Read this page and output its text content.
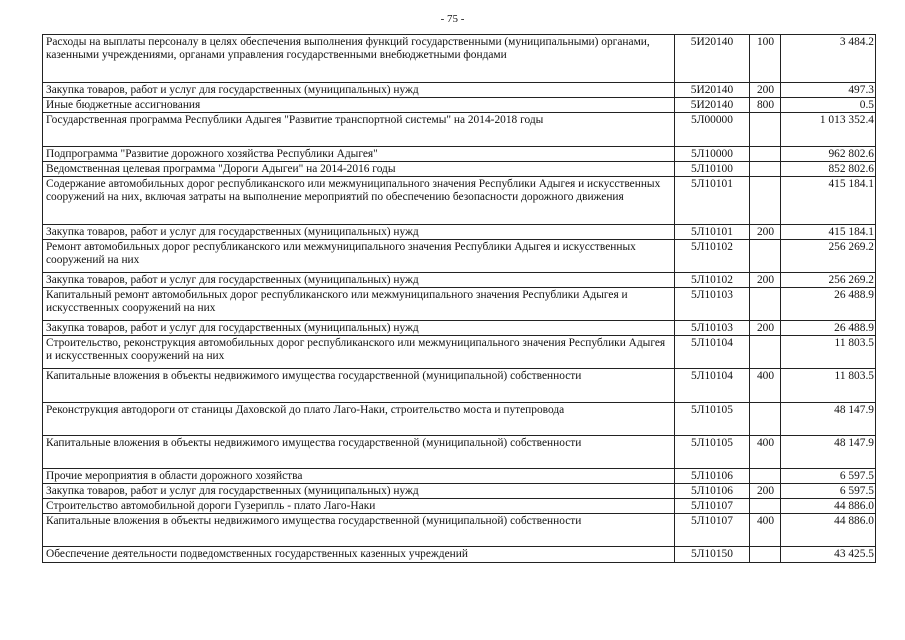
- 75 -
Расходы на выплаты персоналу в целях обеспечения выполнения функций государственными (муниципальными) органами, казенными учреждениями, органами управления государственными внебюджетными фондами	5И20140	100	3 484.2
Закупка товаров, работ и услуг для государственных (муниципальных) нужд	5И20140	200	497.3
Иные бюджетные ассигнования	5И20140	800	0.5
Государственная программа Республики Адыгея "Развитие транспортной системы" на 2014-2018 годы	5Л00000		1 013 352.4
Подпрограмма "Развитие дорожного хозяйства Республики Адыгея"	5Л10000		962 802.6
Ведомственная целевая программа "Дороги Адыгеи" на 2014-2016 годы	5Л10100		852 802.6
Содержание автомобильных дорог республиканского или межмуниципального значения Республики Адыгея и искусственных сооружений на них, включая затраты на выполнение мероприятий по обеспечению безопасности дорожного движения	5Л10101		415 184.1
Закупка товаров, работ и услуг для государственных (муниципальных) нужд	5Л10101	200	415 184.1
Ремонт автомобильных дорог республиканского или межмуниципального значения Республики Адыгея и искусственных сооружений на них	5Л10102		256 269.2
Закупка товаров, работ и услуг для государственных (муниципальных) нужд	5Л10102	200	256 269.2
Капитальный ремонт автомобильных дорог республиканского или межмуниципального значения Республики Адыгея и искусственных сооружений на них	5Л10103		26 488.9
Закупка товаров, работ и услуг для государственных (муниципальных) нужд	5Л10103	200	26 488.9
Строительство, реконструкция автомобильных дорог республиканского или межмуниципального значения Республики Адыгея и искусственных сооружений на них	5Л10104		11 803.5
Капитальные вложения в объекты недвижимого имущества государственной (муниципальной) собственности	5Л10104	400	11 803.5
Реконструкция автодороги от станицы Даховской до плато Лаго-Наки, строительство моста и путепровода	5Л10105		48 147.9
Капитальные вложения в объекты недвижимого имущества государственной (муниципальной) собственности	5Л10105	400	48 147.9
Прочие мероприятия в области дорожного хозяйства	5Л10106		6 597.5
Закупка товаров, работ и услуг для государственных (муниципальных) нужд	5Л10106	200	6 597.5
Строительство автомобильной дороги Гузерипль - плато Лаго-Наки	5Л10107		44 886.0
Капитальные вложения в объекты недвижимого имущества государственной (муниципальной) собственности	5Л10107	400	44 886.0
Обеспечение деятельности подведомственных государственных казенных учреждений	5Л10150		43 425.5
